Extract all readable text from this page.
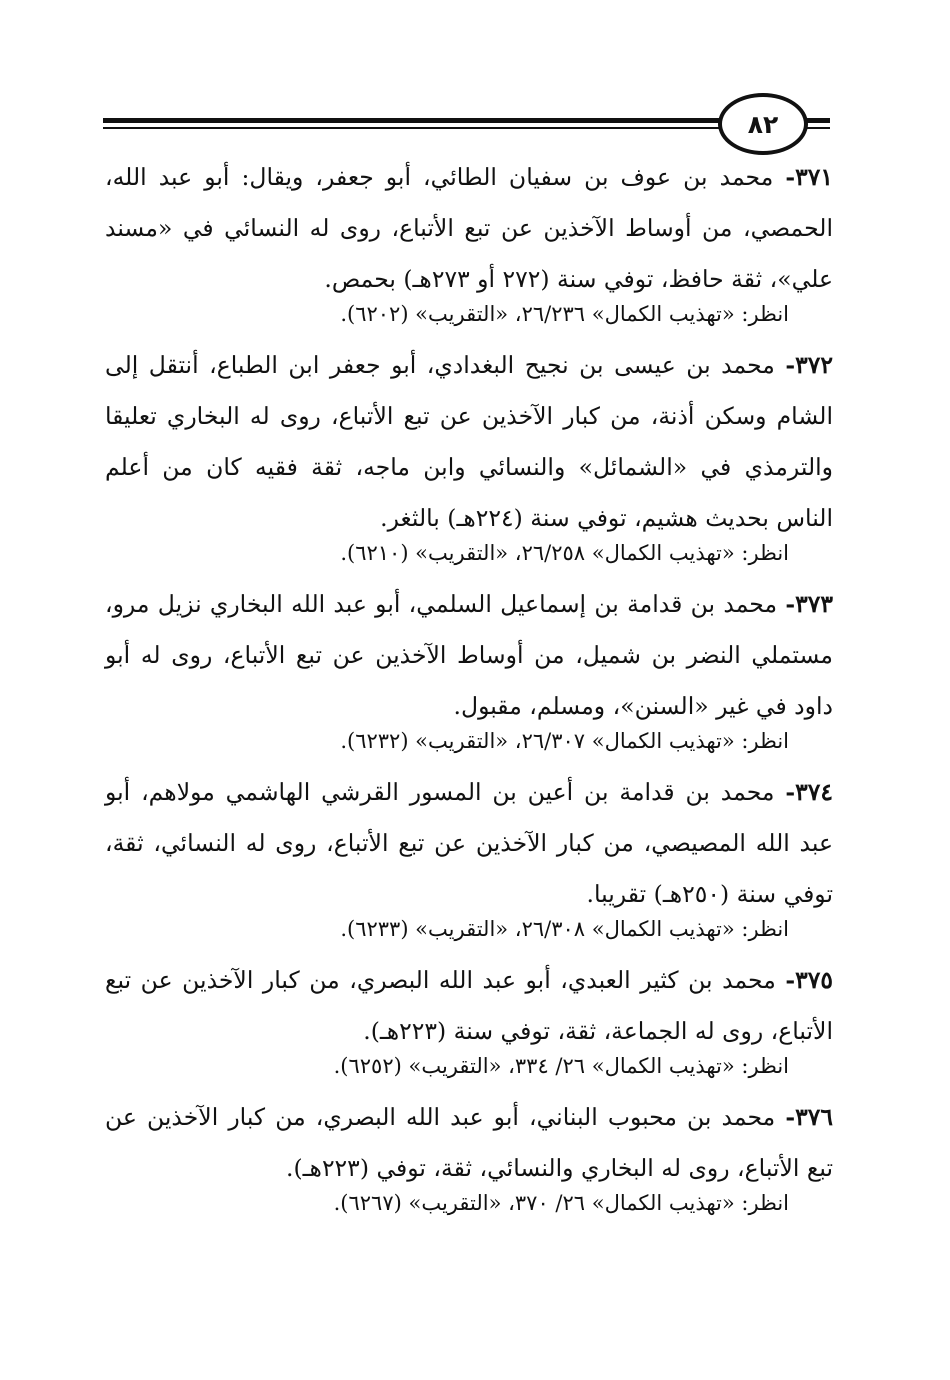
٨٢

٣٧١- محمد بن عوف بن سفيان الطائي، أبو جعفر، ويقال: أبو عبد الله، الحمصي، من أوساط الآخذين عن تبع الأتباع، روى له النسائي في «مسند علي»، ثقة حافظ، توفي سنة (٢٧٢ أو ٢٧٣هـ) بحمص.

انظر: «تهذيب الكمال» ٢٦/٢٣٦، «التقريب» (٦٢٠٢).

٣٧٢- محمد بن عيسى بن نجيح البغدادي، أبو جعفر ابن الطباع، أنتقل إلى الشام وسكن أذنة، من كبار الآخذين عن تبع الأتباع، روى له البخاري تعليقا والترمذي في «الشمائل» والنسائي وابن ماجه، ثقة فقيه كان من أعلم الناس بحديث هشيم، توفي سنة (٢٢٤هـ) بالثغر.

انظر: «تهذيب الكمال» ٢٦/٢٥٨، «التقريب» (٦٢١٠).

٣٧٣- محمد بن قدامة بن إسماعيل السلمي، أبو عبد الله البخاري نزيل مرو، مستملي النضر بن شميل، من أوساط الآخذين عن تبع الأتباع، روى له أبو داود في غير «السنن»، ومسلم، مقبول.

انظر: «تهذيب الكمال» ٢٦/٣٠٧، «التقريب» (٦٢٣٢).

٣٧٤- محمد بن قدامة بن أعين بن المسور القرشي الهاشمي مولاهم، أبو عبد الله المصيصي، من كبار الآخذين عن تبع الأتباع، روى له النسائي، ثقة، توفي سنة (٢٥٠هـ) تقريبا.

انظر: «تهذيب الكمال» ٢٦/٣٠٨، «التقريب» (٦٢٣٣).

٣٧٥- محمد بن كثير العبدي، أبو عبد الله البصري، من كبار الآخذين عن تبع الأتباع، روى له الجماعة، ثقة، توفي سنة (٢٢٣هـ).

انظر: «تهذيب الكمال» ٢٦/ ٣٣٤، «التقريب» (٦٢٥٢).

٣٧٦- محمد بن محبوب البناني، أبو عبد الله البصري، من كبار الآخذين عن تبع الأتباع، روى له البخاري والنسائي، ثقة، توفي (٢٢٣هـ).

انظر: «تهذيب الكمال» ٢٦/ ٣٧٠، «التقريب» (٦٢٦٧).
